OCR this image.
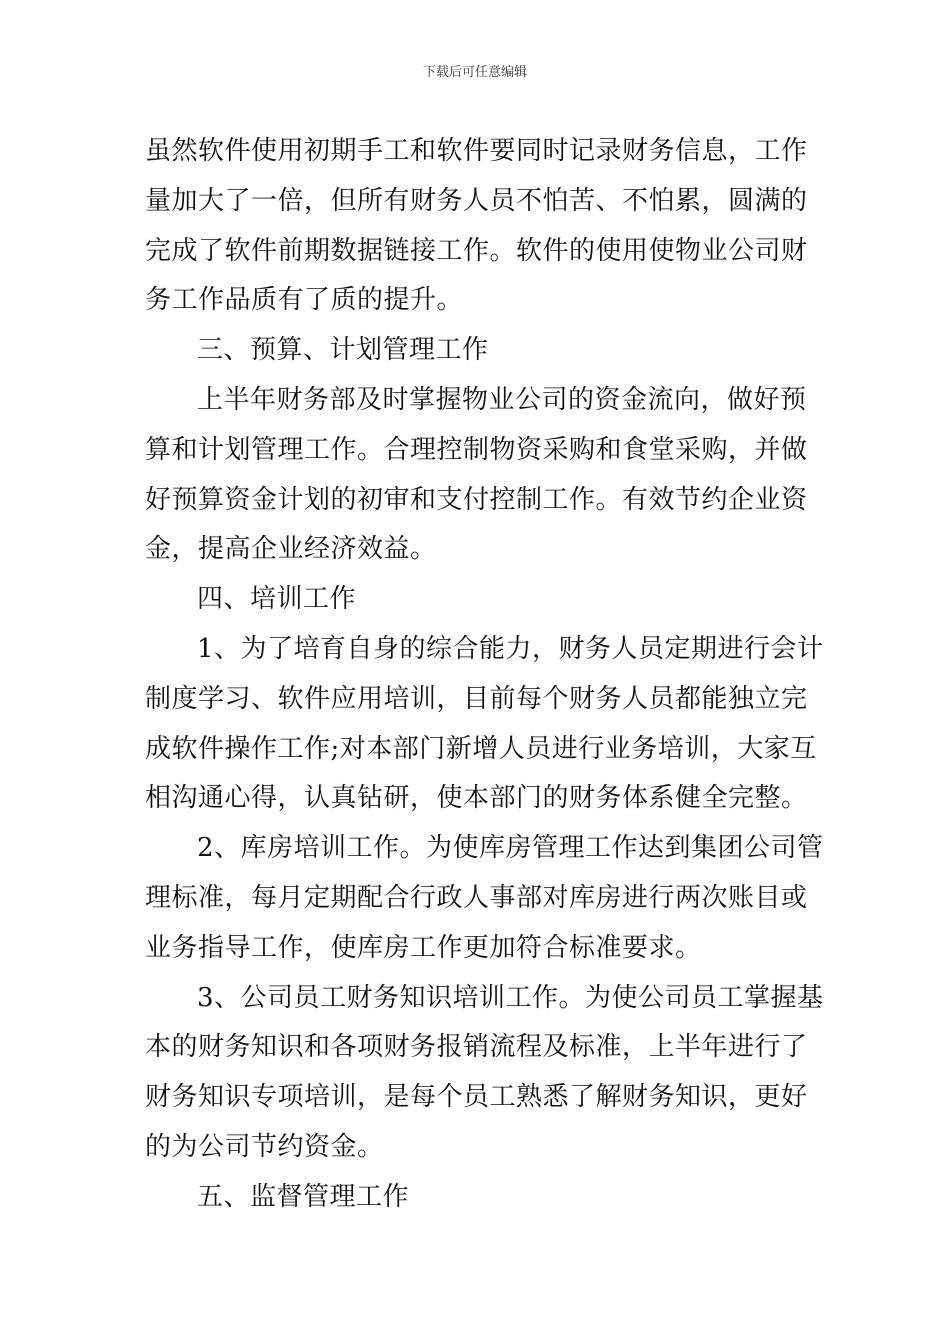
下载后可任意编辑
虽然软件使用初期手工和软件要同时记录财务信息，工作
量加大了一倍，但所有财务人员不怕苦、不怕累，圆满的
完成了软件前期数据链接工作。软件的使用使物业公司财
务工作品质有了质的提升。
三、预算、计划管理工作
上半年财务部及时掌握物业公司的资金流向，做好预
算和计划管理工作。合理控制物资采购和食堂采购，并做
好预算资金计划的初审和支付控制工作。有效节约企业资
金，提高企业经济效益。
四、培训工作
1、为了培育自身的综合能力，财务人员定期进行会计
制度学习、软件应用培训，目前每个财务人员都能独立完
成软件操作工作;对本部门新增人员进行业务培训，大家互
相沟通心得，认真钻研，使本部门的财务体系健全完整。
2、库房培训工作。为使库房管理工作达到集团公司管
理标准，每月定期配合行政人事部对库房进行两次账目或
业务指导工作，使库房工作更加符合标准要求。
3、公司员工财务知识培训工作。为使公司员工掌握基
本的财务知识和各项财务报销流程及标准，上半年进行了
财务知识专项培训，是每个员工熟悉了解财务知识，更好
的为公司节约资金。
五、监督管理工作
